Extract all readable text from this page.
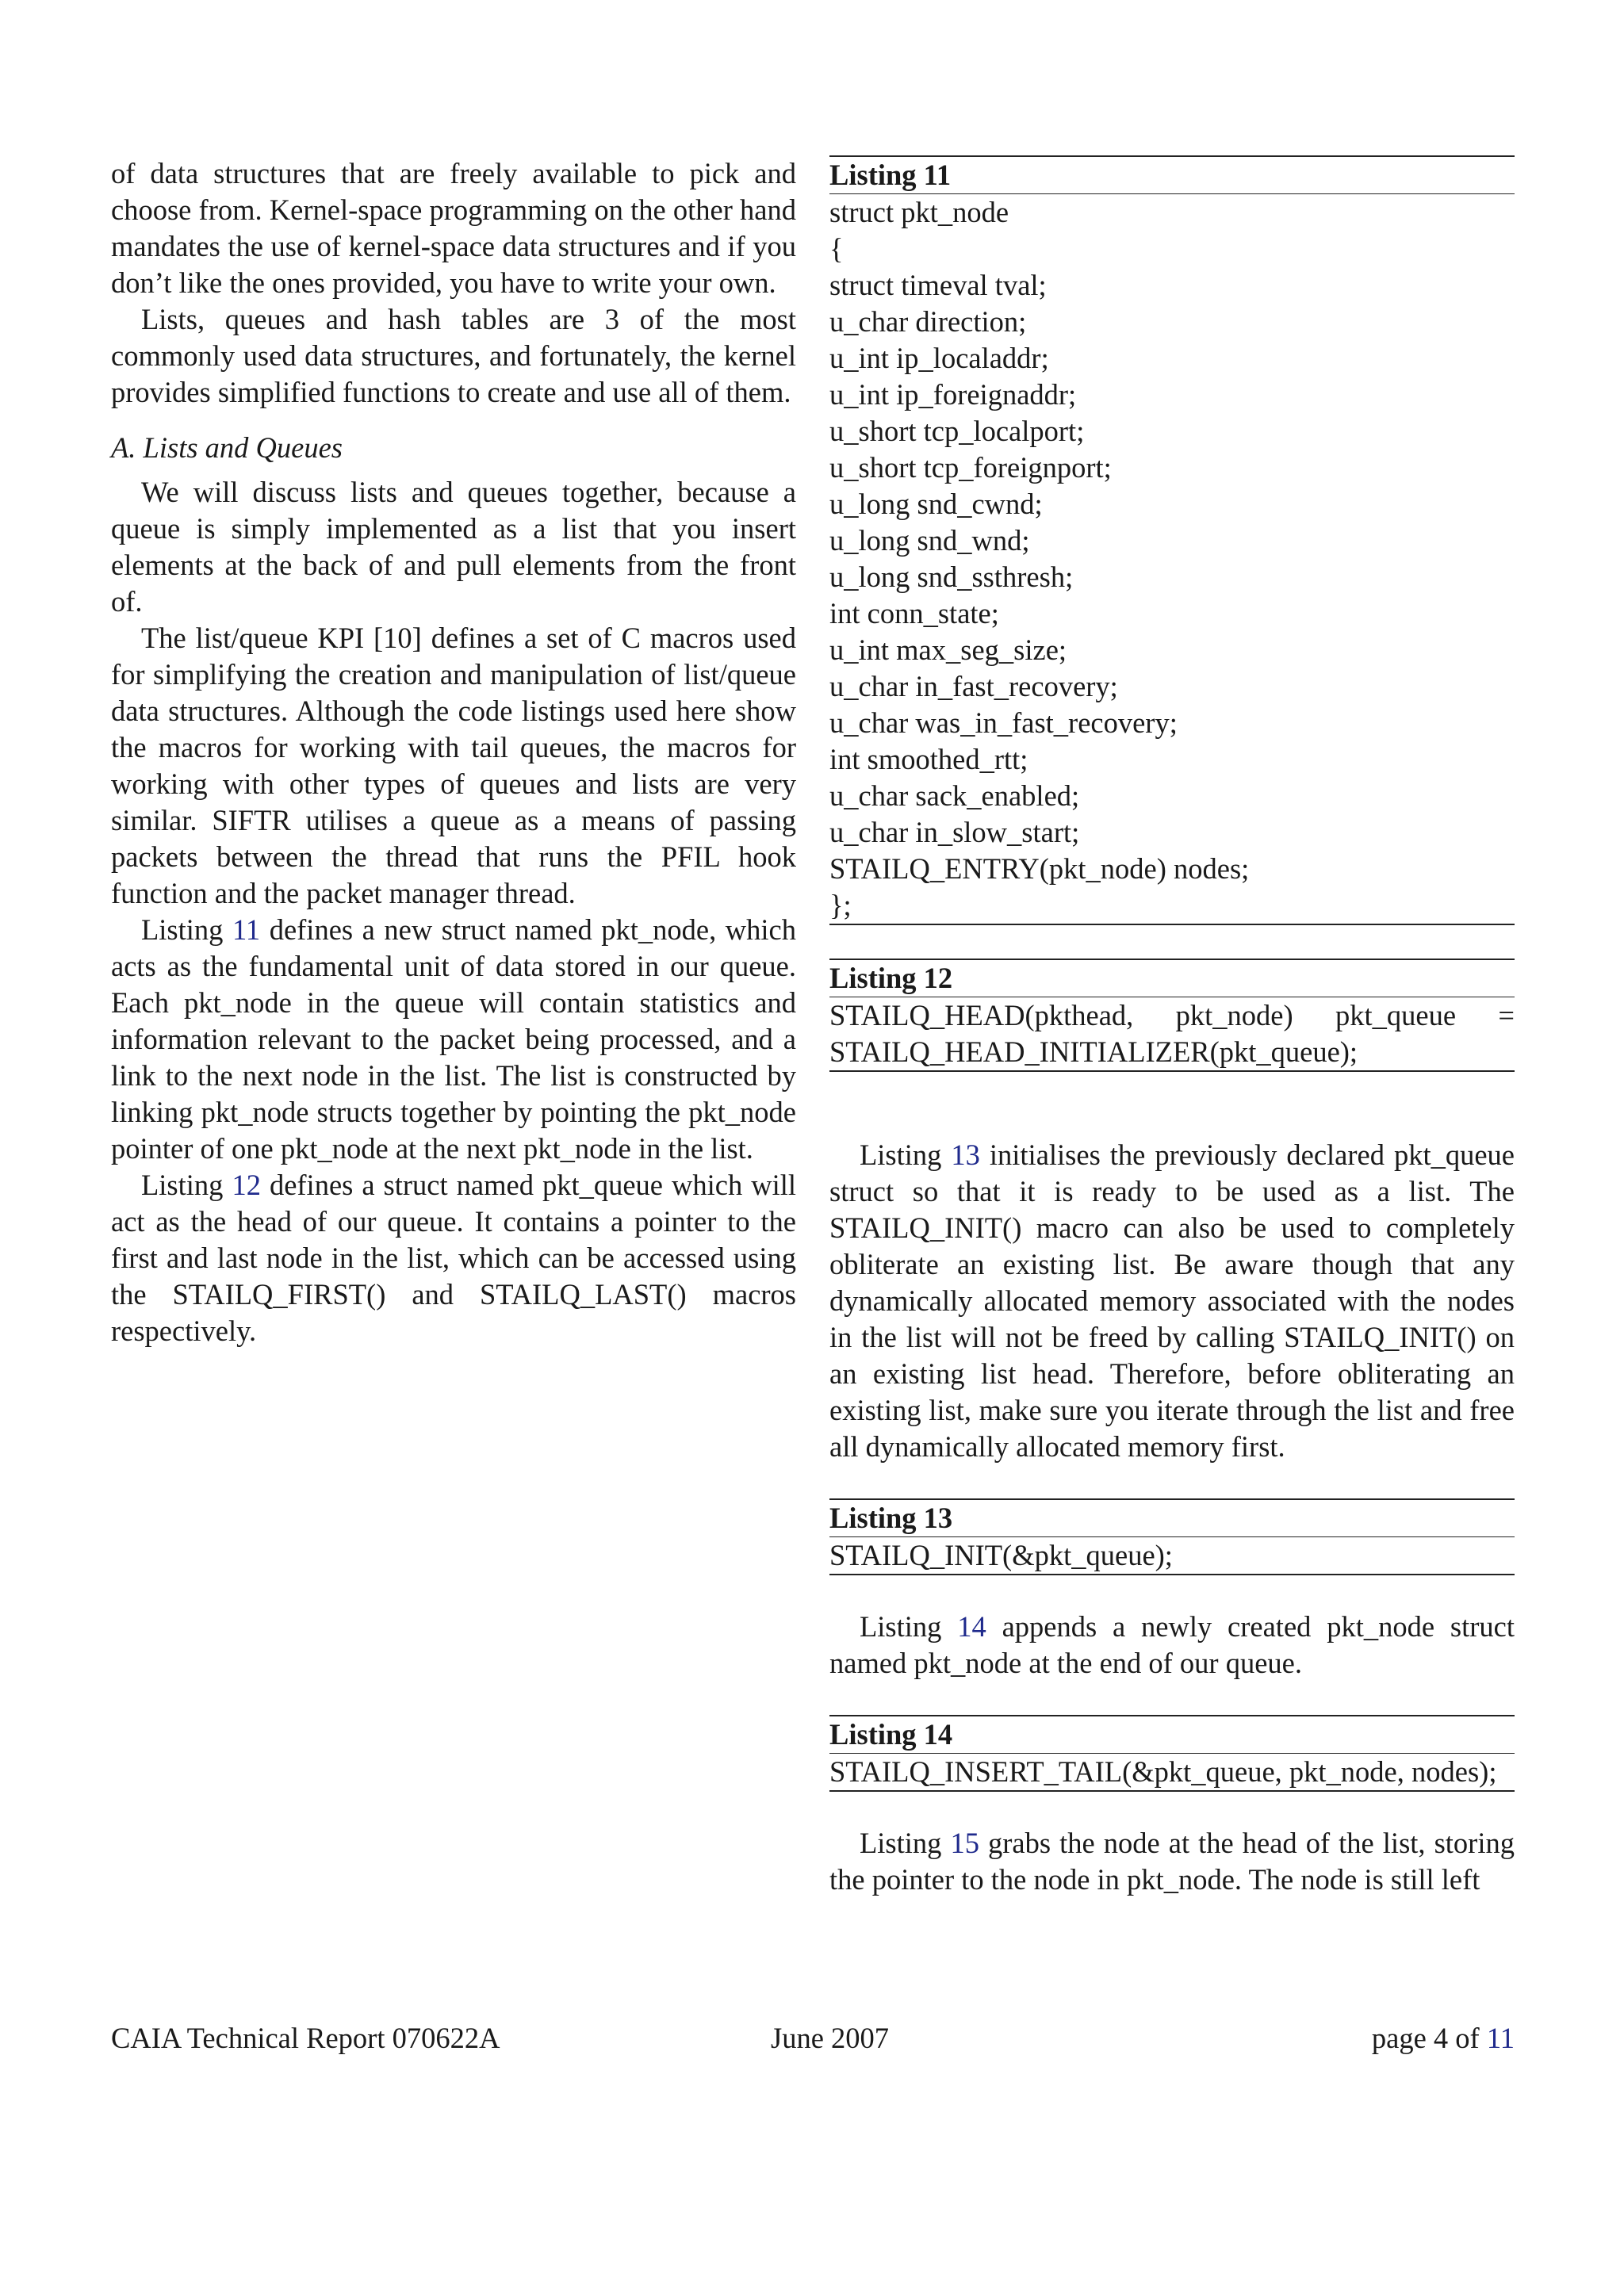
of data structures that are freely available to pick and choose from. Kernel-space programming on the other hand mandates the use of kernel-space data structures and if you don’t like the ones provided, you have to write your own.

Lists, queues and hash tables are 3 of the most commonly used data structures, and fortunately, the kernel provides simplified functions to create and use all of them.

A. Lists and Queues

We will discuss lists and queues together, because a queue is simply implemented as a list that you insert elements at the back of and pull elements from the front of.

The list/queue KPI [10] defines a set of C macros used for simplifying the creation and manipulation of list/queue data structures. Although the code listings used here show the macros for working with tail queues, the macros for working with other types of queues and lists are very similar. SIFTR utilises a queue as a means of passing packets between the thread that runs the PFIL hook function and the packet manager thread.

Listing 11 defines a new struct named pkt_node, which acts as the fundamental unit of data stored in our queue. Each pkt_node in the queue will contain statistics and information relevant to the packet being processed, and a link to the next node in the list. The list is constructed by linking pkt_node structs together by pointing the pkt_node pointer of one pkt_node at the next pkt_node in the list.

Listing 12 defines a struct named pkt_queue which will act as the head of our queue. It contains a pointer to the first and last node in the list, which can be accessed using the STAILQ_FIRST() and STAILQ_LAST() macros respectively.

Listing 11
struct pkt_node
{
struct timeval tval;
u_char direction;
u_int ip_localaddr;
u_int ip_foreignaddr;
u_short tcp_localport;
u_short tcp_foreignport;
u_long snd_cwnd;
u_long snd_wnd;
u_long snd_ssthresh;
int conn_state;
u_int max_seg_size;
u_char in_fast_recovery;
u_char was_in_fast_recovery;
int smoothed_rtt;
u_char sack_enabled;
u_char in_slow_start;
STAILQ_ENTRY(pkt_node) nodes;
};
Listing 12
STAILQ_HEAD(pkthead, pkt_node) pkt_queue = STAILQ_HEAD_INITIALIZER(pkt_queue);

Listing 13 initialises the previously declared pkt_queue struct so that it is ready to be used as a list. The STAILQ_INIT() macro can also be used to completely obliterate an existing list. Be aware though that any dynamically allocated memory associated with the nodes in the list will not be freed by calling STAILQ_INIT() on an existing list head. Therefore, before obliterating an existing list, make sure you iterate through the list and free all dynamically allocated memory first.

Listing 13
STAILQ_INIT(&pkt_queue);

Listing 14 appends a newly created pkt_node struct named pkt_node at the end of our queue.

Listing 14
STAILQ_INSERT_TAIL(&pkt_queue, pkt_node, nodes);

Listing 15 grabs the node at the head of the list, storing the pointer to the node in pkt_node. The node is still left

CAIA Technical Report 070622A	June 2007	page 4 of 11
